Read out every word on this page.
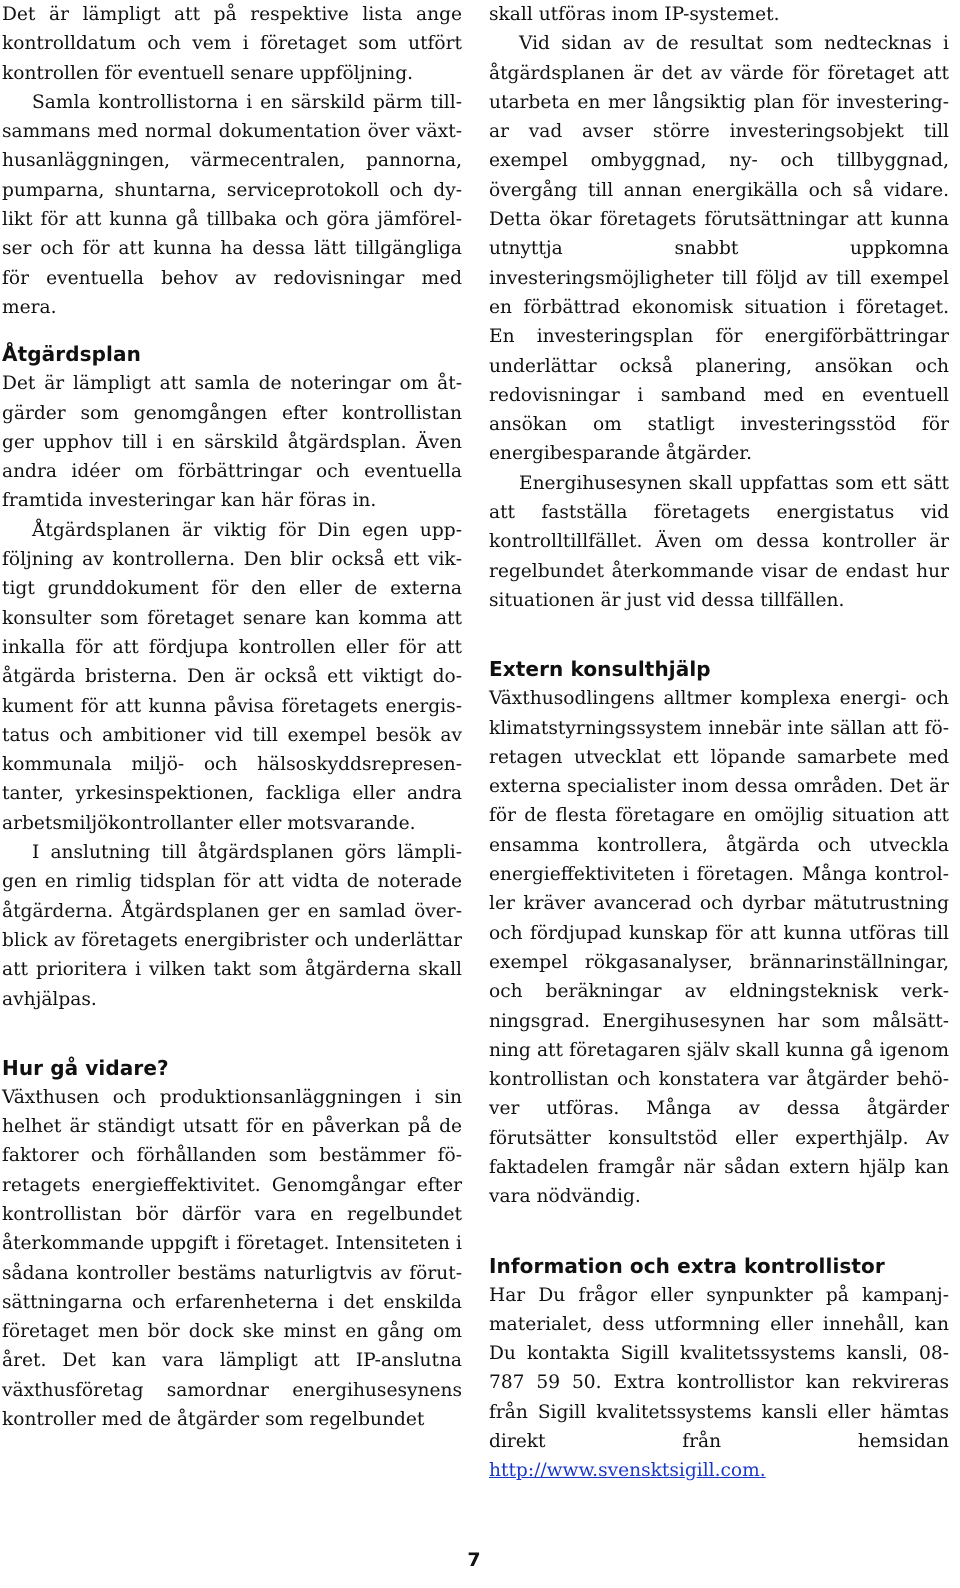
Det är lämpligt att på respektive lista ange kontrolldatum och vem i företaget som utfört kontrollen för eventuell senare uppföljning.

Samla kontrollistorna i en särskild pärm tillsammans med normal dokumentation över växthusanläggningen, värmecentralen, pannorna, pumparna, shuntarna, serviceprotokoll och dylikt för att kunna gå tillbaka och göra jämförelser och för att kunna ha dessa lätt tillgängliga för eventuella behov av redovisningar med mera.

Åtgärdsplan

Det är lämpligt att samla de noteringar om åtgärder som genomgången efter kontrollistan ger upphov till i en särskild åtgärdsplan. Även andra idéer om förbättringar och eventuella framtida investeringar kan här föras in.

Åtgärdsplanen är viktig för Din egen uppföljning av kontrollerna. Den blir också ett viktigt grunddokument för den eller de externa konsulter som företaget senare kan komma att inkalla för att fördjupa kontrollen eller för att åtgärda bristerna. Den är också ett viktigt dokument för att kunna påvisa företagets energistatus och ambitioner vid till exempel besök av kommunala miljö- och hälsoskyddsrepresentanter, yrkesinspektionen, fackliga eller andra arbetsmiljökontrollanter eller motsvarande.

I anslutning till åtgärdsplanen görs lämpligen en rimlig tidsplan för att vidta de noterade åtgärderna. Åtgärdsplanen ger en samlad överblick av företagets energibrister och underlättar att prioritera i vilken takt som åtgärderna skall avhjälpas.

Hur gå vidare?

Växthusen och produktionsanläggningen i sin helhet är ständigt utsatt för en påverkan på de faktorer och förhållanden som bestämmer företagets energieffektivitet. Genomgångar efter kontrollistan bör därför vara en regelbundet återkommande uppgift i företaget. Intensiteten i sådana kontroller bestäms naturligtvis av förutsättningarna och erfarenheterna i det enskilda företaget men bör dock ske minst en gång om året. Det kan vara lämpligt att IP-anslutna växthusföretag samordnar energihusesynens kontroller med de åtgärder som regelbundet

skall utföras inom IP-systemet.

Vid sidan av de resultat som nedtecknas i åtgärdsplanen är det av värde för företaget att utarbeta en mer långsiktig plan för investeringar vad avser större investeringsobjekt till exempel ombyggnad, ny- och tillbyggnad, övergång till annan energikälla och så vidare. Detta ökar företagets förutsättningar att kunna utnyttja snabbt uppkomna investeringsmöjligheter till följd av till exempel en förbättrad ekonomisk situation i företaget. En investeringsplan för energiförbättringar underlättar också planering, ansökan och redovisningar i samband med en eventuell ansökan om statligt investeringsstöd för energibesparande åtgärder.

Energihusesynen skall uppfattas som ett sätt att fastställa företagets energistatus vid kontrolltillfället. Även om dessa kontroller är regelbundet återkommande visar de endast hur situationen är just vid dessa tillfällen.

Extern konsulthjälp

Växthusodlingens alltmer komplexa energi- och klimatstyrningssystem innebär inte sällan att företagen utvecklat ett löpande samarbete med externa specialister inom dessa områden. Det är för de flesta företagare en omöjlig situation att ensamma kontrollera, åtgärda och utveckla energieffektiviteten i företagen. Många kontroller kräver avancerad och dyrbar mätutrustning och fördjupad kunskap för att kunna utföras till exempel rökgasanalyser, brännarinställningar, och beräkningar av eldningsteknisk verkningsgrad. Energihusesynen har som målsättning att företagaren själv skall kunna gå igenom kontrollistan och konstatera var åtgärder behöver utföras. Många av dessa åtgärder förutsätter konsultstöd eller experthjälp. Av faktadelen framgår när sådan extern hjälp kan vara nödvändig.

Information och extra kontrollistor

Har Du frågor eller synpunkter på kampanjmaterialet, dess utformning eller innehåll, kan Du kontakta Sigill kvalitetssystems kansli, 08-787 59 50. Extra kontrollistor kan rekvireras från Sigill kvalitetssystems kansli eller hämtas direkt från hemsidan http://www.svensktsigill.com.

7
